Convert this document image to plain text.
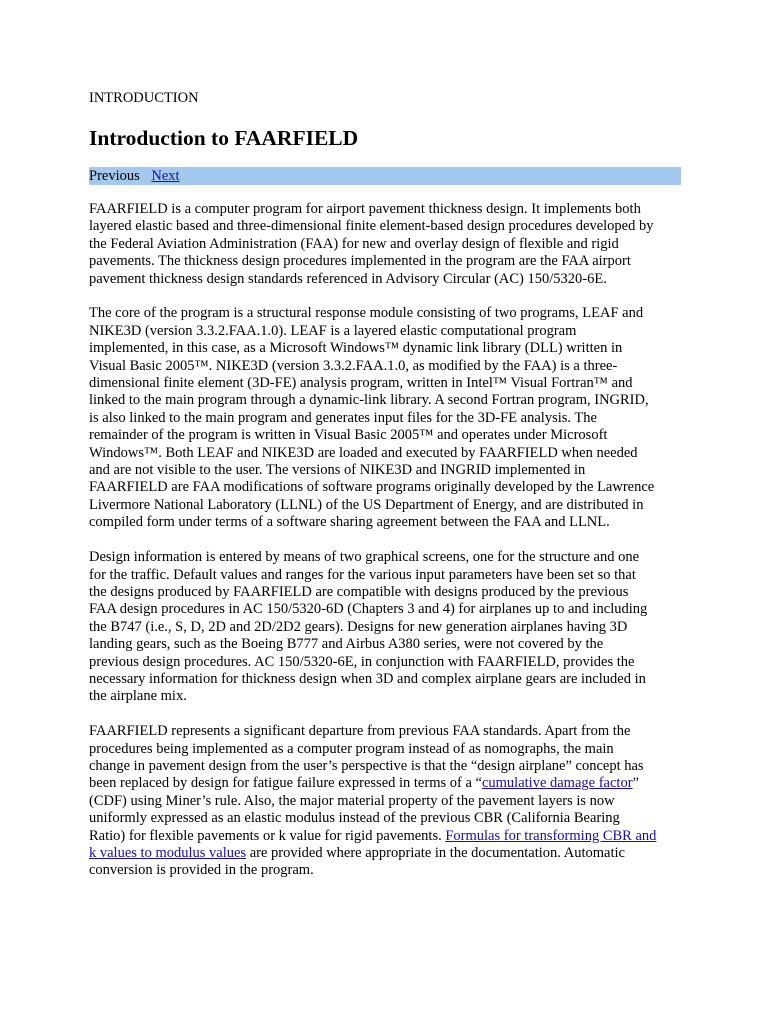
INTRODUCTION
Introduction to FAARFIELD
Previous Next

FAARFIELD is a computer program for airport pavement thickness design. It implements both
layered elastic based and three-dimensional finite element-based design procedures developed by
the Federal Aviation Administration (FAA) for new and overlay design of flexible and rigid
pavements. The thickness design procedures implemented in the program are the FAA airport
pavement thickness design standards referenced in Advisory Circular (AC) 150/5320-6E.

The core of the program is a structural response module consisting of two programs, LEAF and
NIKE3D (version 3.3.2.FAA.1.0). LEAF is a layered elastic computational program
implemented, in this case, as a Microsoft Windows™ dynamic link library (DLL) written in
Visual Basic 2005™. NIKE3D (version 3.3.2.FAA.1.0, as modified by the FAA) is a three-
dimensional finite element (3D-FE) analysis program, written in Intel™ Visual Fortran™ and
linked to the main program through a dynamic-link library. A second Fortran program, INGRID,
is also linked to the main program and generates input files for the 3D-FE analysis. The
remainder of the program is written in Visual Basic 2005™ and operates under Microsoft
Windows™. Both LEAF and NIKE3D are loaded and executed by FAARFIELD when needed
and are not visible to the user. The versions of NIKE3D and INGRID implemented in
FAARFIELD are FAA modifications of software programs originally developed by the Lawrence
Livermore National Laboratory (LLNL) of the US Department of Energy, and are distributed in
compiled form under terms of a software sharing agreement between the FAA and LLNL.

Design information is entered by means of two graphical screens, one for the structure and one
for the traffic. Default values and ranges for the various input parameters have been set so that
the designs produced by FAARFIELD are compatible with designs produced by the previous
FAA design procedures in AC 150/5320-6D (Chapters 3 and 4) for airplanes up to and including
the B747 (i.e., S, D, 2D and 2D/2D2 gears). Designs for new generation airplanes having 3D
landing gears, such as the Boeing B777 and Airbus A380 series, were not covered by the
previous design procedures. AC 150/5320-6E, in conjunction with FAARFIELD, provides the
necessary information for thickness design when 3D and complex airplane gears are included in
the airplane mix.

FAARFIELD represents a significant departure from previous FAA standards. Apart from the
procedures being implemented as a computer program instead of as nomographs, the main
change in pavement design from the user’s perspective is that the “design airplane” concept has
been replaced by design for fatigue failure expressed in terms of a “cumulative damage factor”
(CDF) using Miner’s rule. Also, the major material property of the pavement layers is now
uniformly expressed as an elastic modulus instead of the previous CBR (California Bearing
Ratio) for flexible pavements or k value for rigid pavements. Formulas for transforming CBR and
k values to modulus values are provided where appropriate in the documentation. Automatic
conversion is provided in the program.
